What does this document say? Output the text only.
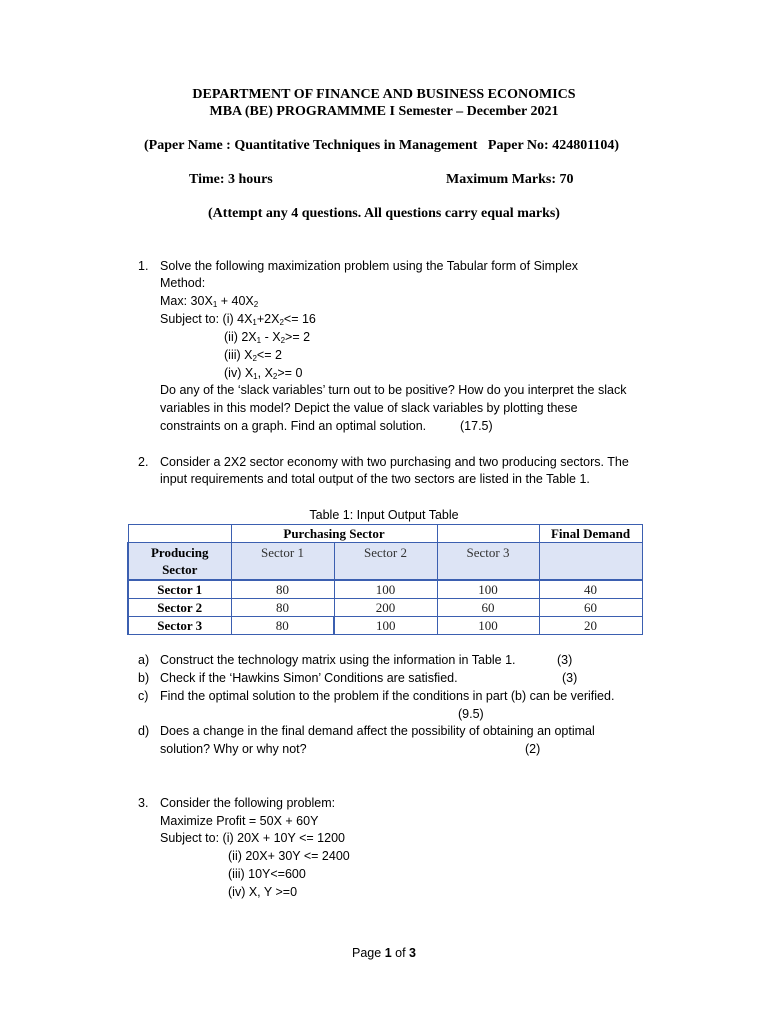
DEPARTMENT OF FINANCE AND BUSINESS ECONOMICS
MBA (BE) PROGRAMMME I Semester – December 2021
(Paper Name : Quantitative Techniques in Management   Paper No: 424801104)
Time: 3 hours	Maximum Marks: 70
(Attempt any 4 questions. All questions carry equal marks)
1. Solve the following maximization problem using the Tabular form of Simplex
Method:
Max: $30X_1 + 40X_2$
Subject to: (i) $4X_1+2X_2<= 16$
(ii) $2X_1 - X_2>= 2$
(iii) $X_2<= 2$
(iv) $X_1$, $X_2>= 0$
Do any of the ‘slack variables’ turn out to be positive? How do you interpret the slack
variables in this model? Depict the value of slack variables by plotting these
constraints on a graph. Find an optimal solution.	(17.5)
2. Consider a 2X2 sector economy with two purchasing and two producing sectors. The
input requirements and total output of the two sectors are listed in the Table 1.
Table 1: Input Output Table
	Purchasing Sector			Final Demand
Producing
Sector	Sector 1	Sector 2	Sector 3	
Sector 1	80	100	100	40
Sector 2	80	200	60	60
Sector 3	80	100	100	20
a) Construct the technology matrix using the information in Table 1.	(3)
b) Check if the ‘Hawkins Simon’ Conditions are satisfied.	(3)
c) Find the optimal solution to the problem if the conditions in part (b) can be verified.
(9.5)
d) Does a change in the final demand affect the possibility of obtaining an optimal
solution? Why or why not?	(2)
3. Consider the following problem:
Maximize Profit = 50X + 60Y
Subject to: (i) 20X + 10Y <= 1200
(ii) 20X+ 30Y <= 2400
(iii) 10Y<=600
(iv) X, Y >=0
Page 1 of 3
